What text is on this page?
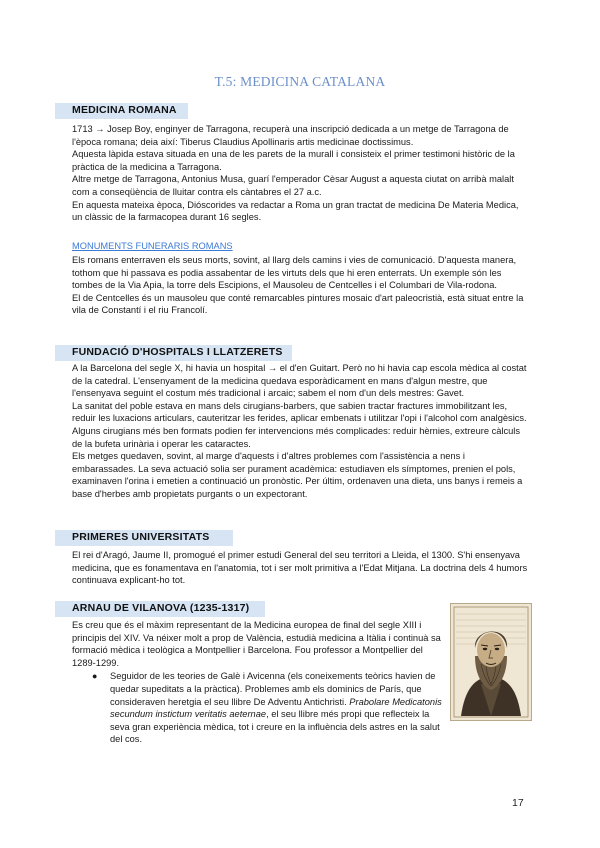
T.5: MEDICINA CATALANA
MEDICINA ROMANA

1713 → Josep Boy, enginyer de Tarragona, recuperà una inscripció dedicada a un metge de Tarragona de l'època romana; deia així: Tiberus Claudius Apollinaris artis medicinae doctissimus.

Aquesta làpida estava situada en una de les parets de la murall i consisteix el primer testimoni històric de la pràctica de la medicina a Tarragona.

Altre metge de Tarragona, Antonius Musa, guarí l'emperador Cèsar August a aquesta ciutat on arribà malalt com a conseqüència de lluitar contra els càntabres el 27 a.c.

En aquesta mateixa època, Dióscorides va redactar a Roma un gran tractat de medicina De Materia Medica, un clàssic de la farmacopea durant 16 segles.

MONUMENTS FUNERARIS ROMANS

Els romans enterraven els seus morts, sovint, al llarg dels camins i vies de comunicació. D'aquesta manera, tothom que hi passava es podia assabentar de les virtuts dels que hi eren enterrats. Un exemple són les tombes de la Via Apia, la torre dels Escipions, el Mausoleu de Centcelles i el Columbari de Vila-rodona.

El de Centcelles és un mausoleu que conté remarcables pintures mosaic d'art paleocristià, està situat entre la vila de Constantí i el riu Francolí.

FUNDACIÓ D'HOSPITALS I LLATZERETS

A la Barcelona del segle X, hi havia un hospital → el d'en Guitart. Però no hi havia cap escola mèdica al costat de la catedral. L'ensenyament de la medicina quedava esporàdicament en mans d'algun mestre, que l'ensenyava seguint el costum més tradicional i arcaic; sabem el nom d'un dels mestres: Gavet.

La sanitat del poble estava en mans dels cirugians-barbers, que sabien tractar fractures immobilitzant les, reduir les luxacions articulars, cauteritzar les ferides, aplicar embenats i utilitzar l'opi i l'alcohol com analgèsics. Alguns cirugians més ben formats podien fer intervencions més complicades: reduir hèrnies, extreure càlculs de la bufeta urinària i operar les cataractes.

Els metges quedaven, sovint, al marge d'aquests i d'altres problemes com l'assistència a nens i embarassades. La seva actuació solia ser purament acadèmica: estudiaven els símptomes, prenien el pols, examinaven l'orina i emetien a continuació un pronòstic. Per últim, ordenaven una dieta, uns banys i remeis a base d'herbes amb propietats purgants o un expectorant.

PRIMERES UNIVERSITATS

El rei d'Aragó, Jaume II, promogué el primer estudi General del seu territori a Lleida, el 1300. S'hi ensenyava medicina, que es fonamentava en l'anatomia, tot i ser molt primitiva a l'Edat Mitjana. La doctrina dels 4 humors continuava explicant-ho tot.

ARNAU DE VILANOVA (1235-1317)

Es creu que és el màxim representant de la Medicina europea de final del segle XIII i principis del XIV. Va néixer molt a prop de València, estudià medicina a Itàlia i continuà sa formació mèdica i teològica a Montpellier i Barcelona. Fou professor a Montpellier del 1289-1299.

● Seguidor de les teories de Galè i Avicenna (els coneixements teòrics havien de quedar supeditats a la pràctica). Problemes amb els dominics de París, que consideraven heretgia el seu llibre De Adventu Antichristi. Prabolare Medicatonis secundum instictum veritatis aeternae, el seu llibre més propi que reflecteix la seva gran experiència mèdica, tot i creure en la influència dels astres en la salut del cos.
17
